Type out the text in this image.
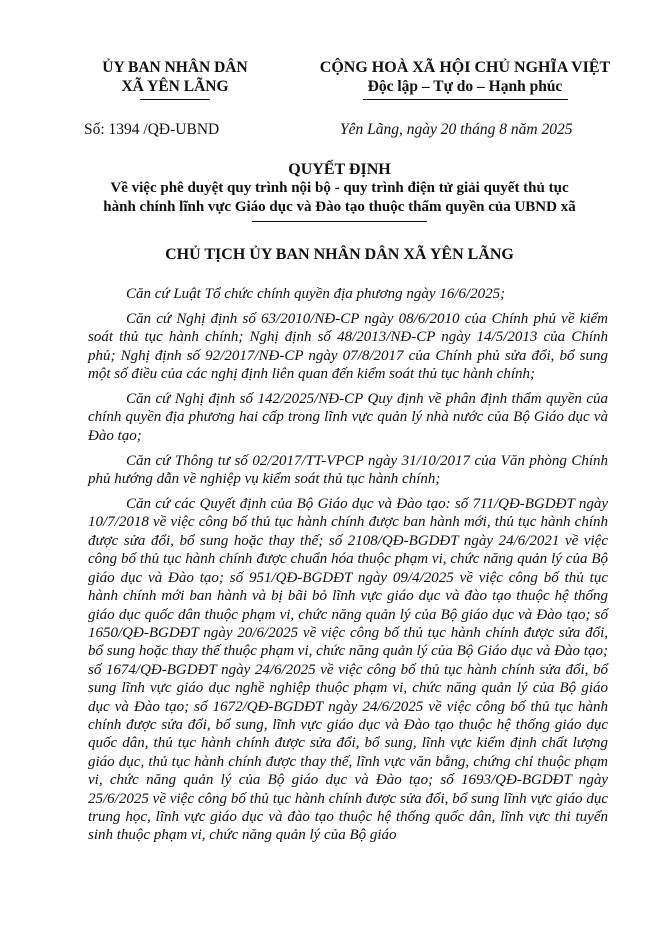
ỦY BAN NHÂN DÂN
XÃ YÊN LÃNG
CỘNG HOÀ XÃ HỘI CHỦ NGHĨA VIỆT
Độc lập – Tự do – Hạnh phúc
Số: 1394 /QĐ-UBND	Yên Lãng, ngày 20 tháng 8 năm 2025
QUYẾT ĐỊNH
Về việc phê duyệt quy trình nội bộ - quy trình điện tử giải quyết thủ tục
hành chính lĩnh vực Giáo dục và Đào tạo thuộc thẩm quyền của UBND xã
CHỦ TỊCH ỦY BAN NHÂN DÂN XÃ YÊN LÃNG

Căn cứ Luật Tổ chức chính quyền địa phương ngày 16/6/2025;

Căn cứ Nghị định số 63/2010/NĐ-CP ngày 08/6/2010 của Chính phủ về kiểm soát thủ tục hành chính; Nghị định số 48/2013/NĐ-CP ngày 14/5/2013 của Chính phủ; Nghị định số 92/2017/NĐ-CP ngày 07/8/2017 của Chính phủ sửa đổi, bổ sung một số điều của các nghị định liên quan đến kiểm soát thủ tục hành chính;

Căn cứ Nghị định số 142/2025/NĐ-CP Quy định về phân định thẩm quyền của chính quyền địa phương hai cấp trong lĩnh vực quản lý nhà nước của Bộ Giáo dục và Đào tạo;

Căn cứ Thông tư số 02/2017/TT-VPCP ngày 31/10/2017 của Văn phòng Chính phủ hướng dẫn về nghiệp vụ kiểm soát thủ tục hành chính;

Căn cứ các Quyết định của Bộ Giáo dục và Đào tạo: số 711/QĐ-BGDĐT ngày 10/7/2018 về việc công bố thủ tục hành chính được ban hành mới, thủ tục hành chính được sửa đổi, bổ sung hoặc thay thế; số 2108/QĐ-BGDĐT ngày 24/6/2021 về việc công bố thủ tục hành chính được chuẩn hóa thuộc phạm vi, chức năng quản lý của Bộ giáo dục và Đào tạo; số 951/QĐ-BGDĐT ngày 09/4/2025 về việc công bố thủ tục hành chính mới ban hành và bị bãi bỏ lĩnh vực giáo dục và đào tạo thuộc hệ thống giáo dục quốc dân thuộc phạm vi, chức năng quản lý của Bộ giáo dục và Đào tạo; số 1650/QĐ-BGDĐT ngày 20/6/2025 về việc công bố thủ tục hành chính được sửa đổi, bổ sung hoặc thay thế thuộc phạm vi, chức năng quản lý của Bộ Giáo dục và Đào tạo; số 1674/QĐ-BGDĐT ngày 24/6/2025 về việc công bố thủ tục hành chính sửa đổi, bổ sung lĩnh vực giáo dục nghề nghiệp thuộc phạm vi, chức năng quản lý của Bộ giáo dục và Đào tạo; số 1672/QĐ-BGDĐT ngày 24/6/2025 về việc công bố thủ tục hành chính được sửa đổi, bổ sung, lĩnh vực giáo dục và Đào tạo thuộc hệ thống giáo dục quốc dân, thủ tục hành chính được sửa đổi, bổ sung, lĩnh vực kiểm định chất lượng giáo dục, thủ tục hành chính được thay thế, lĩnh vực văn bằng, chứng chỉ thuộc phạm vi, chức năng quản lý của Bộ giáo dục và Đào tạo; số 1693/QĐ-BGDĐT ngày 25/6/2025 về việc công bố thủ tục hành chính được sửa đổi, bổ sung lĩnh vực giáo dục trung học, lĩnh vực giáo dục và đào tạo thuộc hệ thống quốc dân, lĩnh vực thi tuyển sinh thuộc phạm vi, chức năng quản lý của Bộ giáo
